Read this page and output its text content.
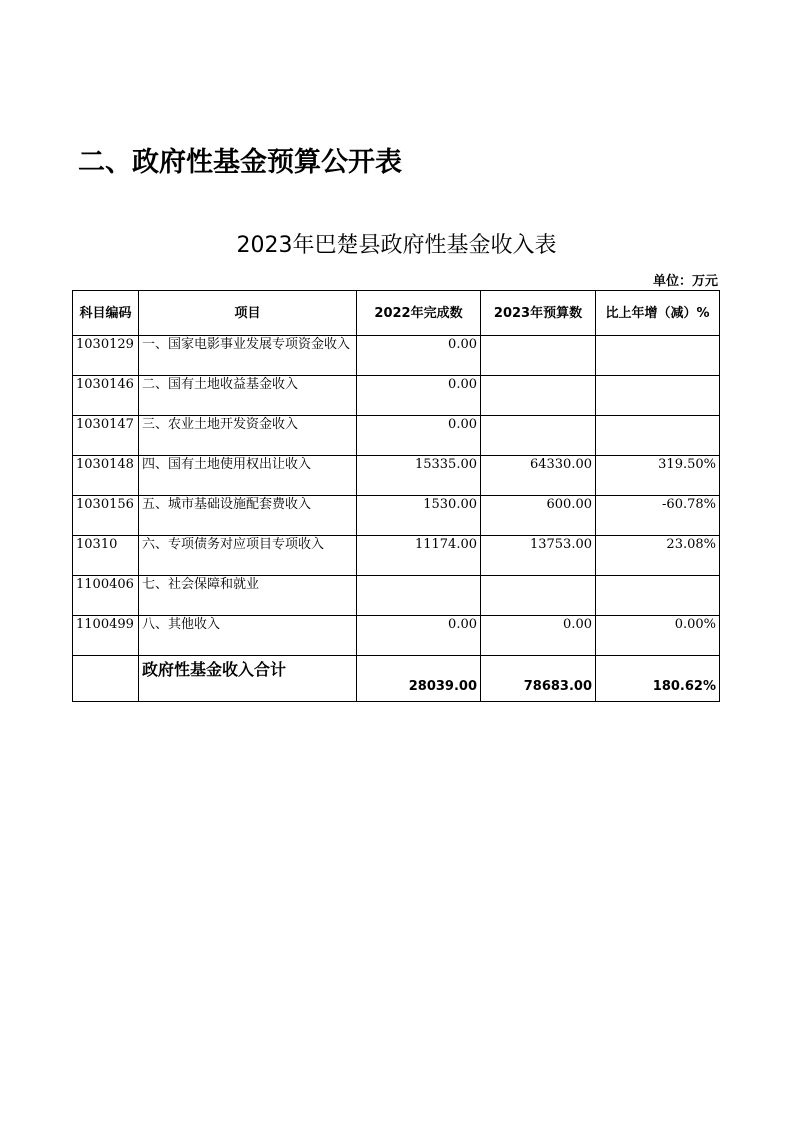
二、政府性基金预算公开表
2023年巴楚县政府性基金收入表
单位：万元
科目编码	项目	2022年完成数	2023年预算数	比上年增（减）%
1030129	一、国家电影事业发展专项资金收入	0.00		
1030146	二、国有土地收益基金收入	0.00		
1030147	三、农业土地开发资金收入	0.00		
1030148	四、国有土地使用权出让收入	15335.00	64330.00	319.50%
1030156	五、城市基础设施配套费收入	1530.00	600.00	-60.78%
10310	六、专项债务对应项目专项收入	11174.00	13753.00	23.08%
1100406	七、社会保障和就业			
1100499	八、其他收入	0.00	0.00	0.00%
	政府性基金收入合计	28039.00	78683.00	180.62%
